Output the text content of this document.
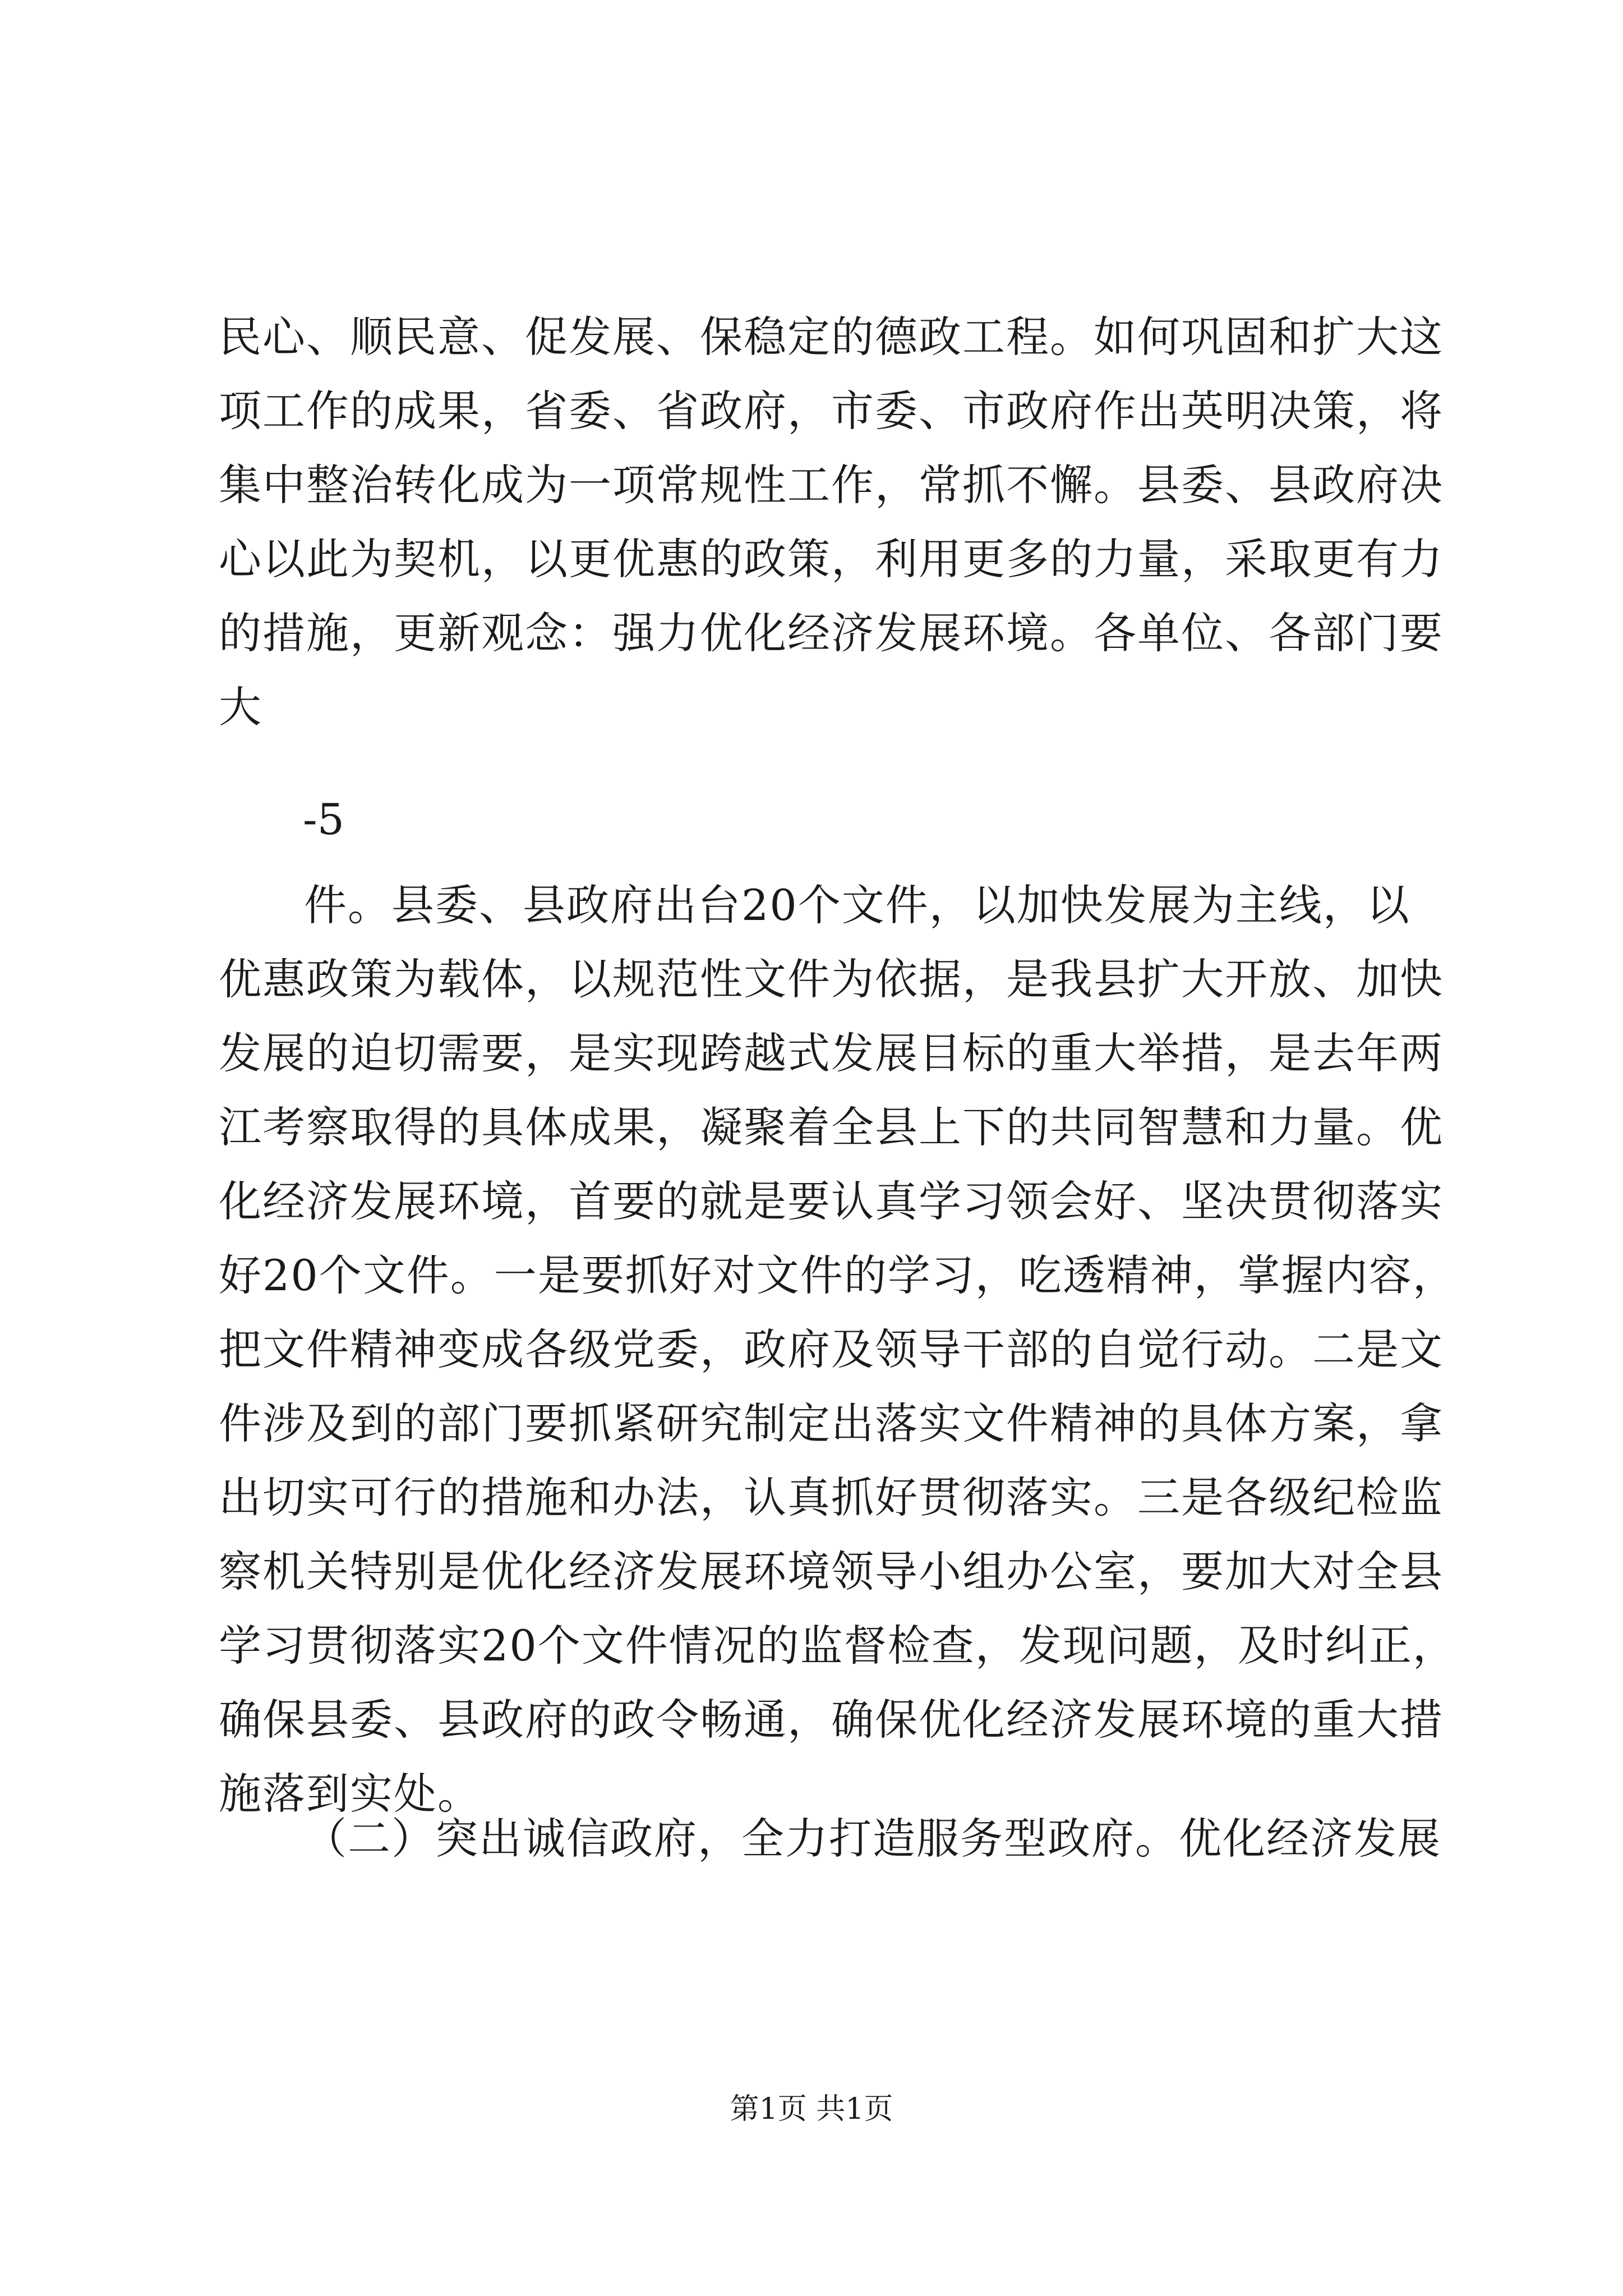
民心、顺民意、促发展、保稳定的德政工程。如何巩固和扩大这
项工作的成果，省委、省政府，市委、市政府作出英明决策，将
集中整治转化成为一项常规性工作，常抓不懈。县委、县政府决
心以此为契机，以更优惠的政策，利用更多的力量，采取更有力
的措施，更新观念：强力优化经济发展环境。各单位、各部门要
大
-5
件。县委、县政府出台20个文件，以加快发展为主线，以
优惠政策为载体，以规范性文件为依据，是我县扩大开放、加快
发展的迫切需要，是实现跨越式发展目标的重大举措，是去年两
江考察取得的具体成果，凝聚着全县上下的共同智慧和力量。优
化经济发展环境，首要的就是要认真学习领会好、坚决贯彻落实
好20个文件。一是要抓好对文件的学习，吃透精神，掌握内容，
把文件精神变成各级党委，政府及领导干部的自觉行动。二是文
件涉及到的部门要抓紧研究制定出落实文件精神的具体方案，拿
出切实可行的措施和办法，认真抓好贯彻落实。三是各级纪检监
察机关特别是优化经济发展环境领导小组办公室，要加大对全县
学习贯彻落实20个文件情况的监督检查，发现问题，及时纠正，
确保县委、县政府的政令畅通，确保优化经济发展环境的重大措
施落到实处。
（二）突出诚信政府，全力打造服务型政府。优化经济发展
第1页 共1页
